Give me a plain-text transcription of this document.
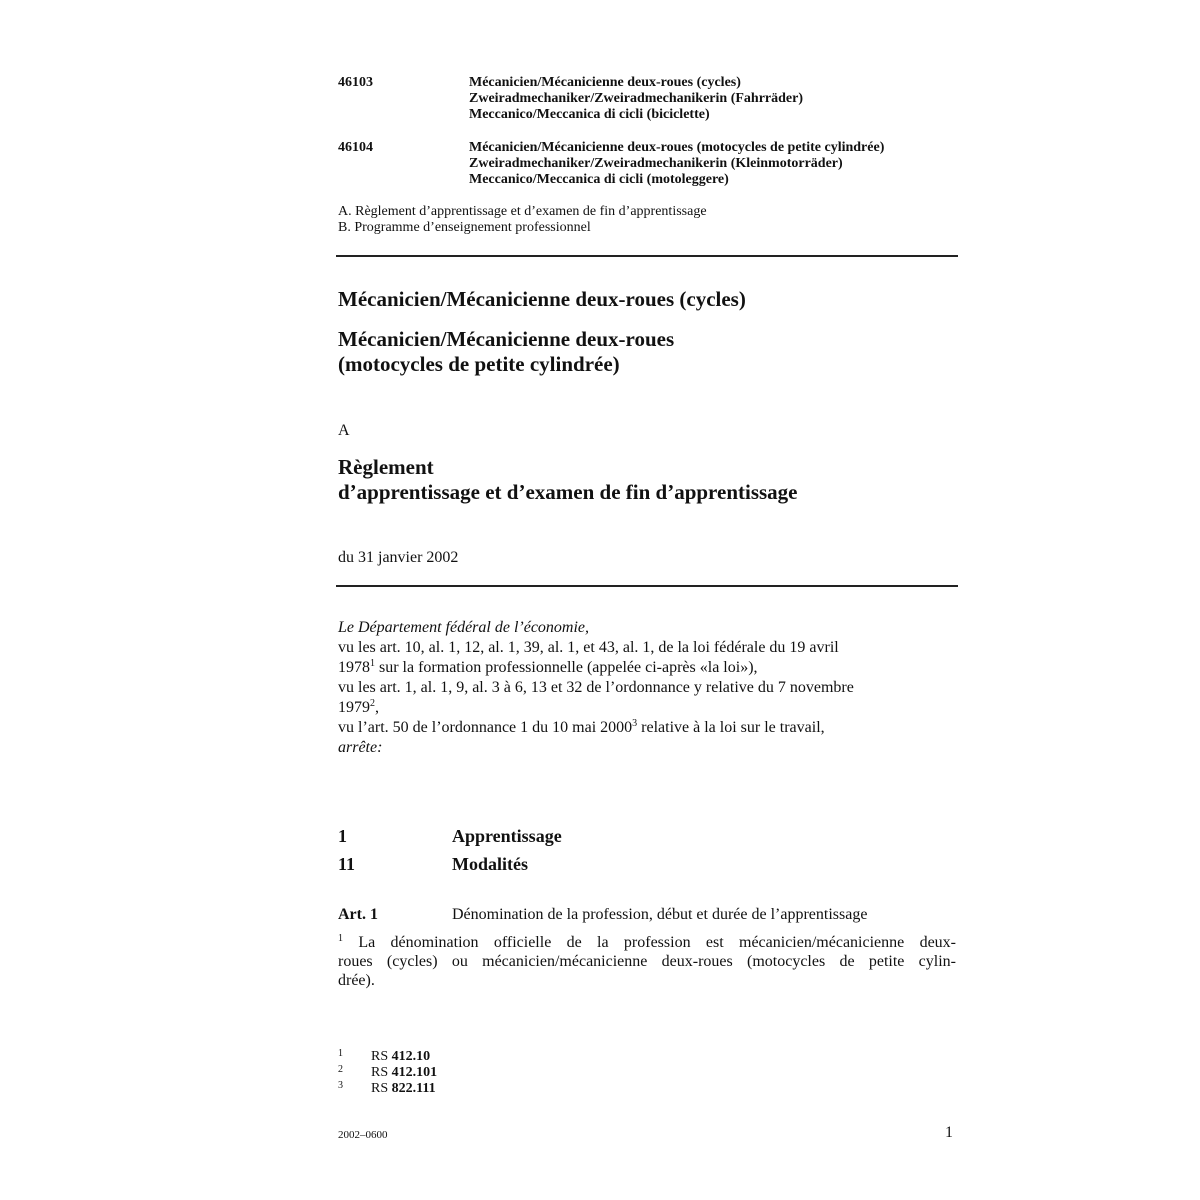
46103	Mécanicien/Mécanicienne deux-roues (cycles)
Zweiradmechaniker/Zweiradmechanikerin (Fahrräder)
Meccanico/Meccanica di cicli (biciclette)
46104	Mécanicien/Mécanicienne deux-roues (motocycles de petite cylindrée)
Zweiradmechaniker/Zweiradmechanikerin (Kleinmotorräder)
Meccanico/Meccanica di cicli (motoleggere)
A. Règlement d’apprentissage et d’examen de fin d’apprentissage
B. Programme d’enseignement professionnel
Mécanicien/Mécanicienne deux-roues (cycles)
Mécanicien/Mécanicienne deux-roues
(motocycles de petite cylindrée)
A
Règlement
d’apprentissage et d’examen de fin d’apprentissage
du 31 janvier 2002
Le Département fédéral de l’économie,
vu les art. 10, al. 1, 12, al. 1, 39, al. 1, et 43, al. 1, de la loi fédérale du 19 avril
1978$^1$ sur la formation professionnelle (appelée ci-après «la loi»),
vu les art. 1, al. 1, 9, al. 3 à 6, 13 et 32 de l’ordonnance y relative du 7 novembre
1979$^2$,
vu l’art. 50 de l’ordonnance 1 du 10 mai 2000$^3$ relative à la loi sur le travail,
arrête:
1	Apprentissage
11	Modalités
Art. 1	Dénomination de la profession, début et durée de l’apprentissage
$^1$ La dénomination officielle de la profession est mécanicien/mécanicienne deux-
roues (cycles) ou mécanicien/mécanicienne deux-roues (motocycles de petite cylin-
drée).
1 RS 412.10
2 RS 412.101
3 RS 822.111
2002–0600	1
